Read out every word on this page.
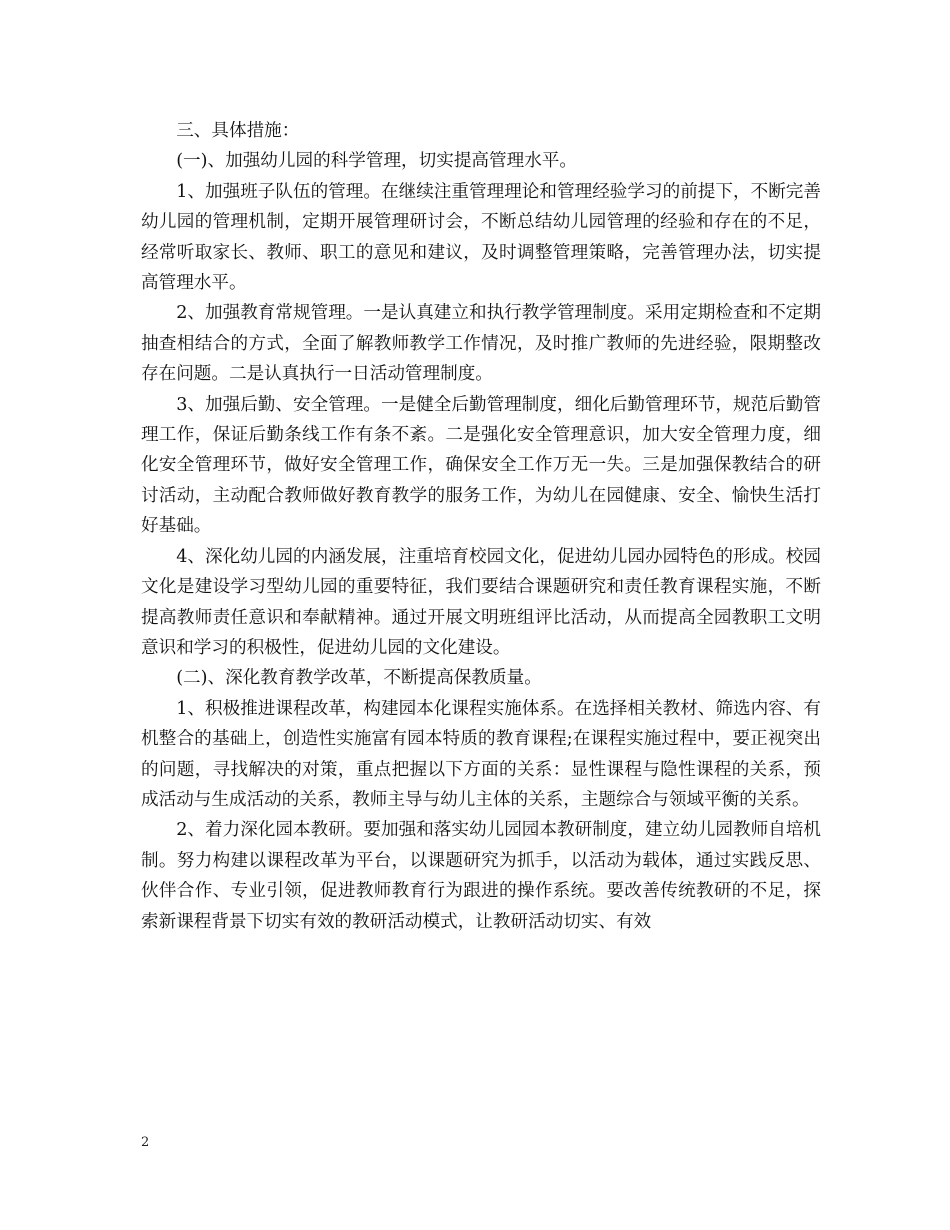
三、具体措施：

(一)、加强幼儿园的科学管理，切实提高管理水平。

1、加强班子队伍的管理。在继续注重管理理论和管理经验学习的前提下，不断完善幼儿园的管理机制，定期开展管理研讨会，不断总结幼儿园管理的经验和存在的不足，经常听取家长、教师、职工的意见和建议，及时调整管理策略，完善管理办法，切实提高管理水平。

2、加强教育常规管理。一是认真建立和执行教学管理制度。采用定期检查和不定期抽查相结合的方式，全面了解教师教学工作情况，及时推广教师的先进经验，限期整改存在问题。二是认真执行一日活动管理制度。

3、加强后勤、安全管理。一是健全后勤管理制度，细化后勤管理环节，规范后勤管理工作，保证后勤条线工作有条不紊。二是强化安全管理意识，加大安全管理力度，细化安全管理环节，做好安全管理工作，确保安全工作万无一失。三是加强保教结合的研讨活动，主动配合教师做好教育教学的服务工作，为幼儿在园健康、安全、愉快生活打好基础。

4、深化幼儿园的内涵发展，注重培育校园文化，促进幼儿园办园特色的形成。校园文化是建设学习型幼儿园的重要特征，我们要结合课题研究和责任教育课程实施，不断提高教师责任意识和奉献精神。通过开展文明班组评比活动，从而提高全园教职工文明意识和学习的积极性，促进幼儿园的文化建设。

(二)、深化教育教学改革，不断提高保教质量。

1、积极推进课程改革，构建园本化课程实施体系。在选择相关教材、筛选内容、有机整合的基础上，创造性实施富有园本特质的教育课程;在课程实施过程中，要正视突出的问题，寻找解决的对策，重点把握以下方面的关系：显性课程与隐性课程的关系，预成活动与生成活动的关系，教师主导与幼儿主体的关系，主题综合与领域平衡的关系。

2、着力深化园本教研。要加强和落实幼儿园园本教研制度，建立幼儿园教师自培机制。努力构建以课程改革为平台，以课题研究为抓手，以活动为载体，通过实践反思、伙伴合作、专业引领，促进教师教育行为跟进的操作系统。要改善传统教研的不足，探索新课程背景下切实有效的教研活动模式，让教研活动切实、有效

2
